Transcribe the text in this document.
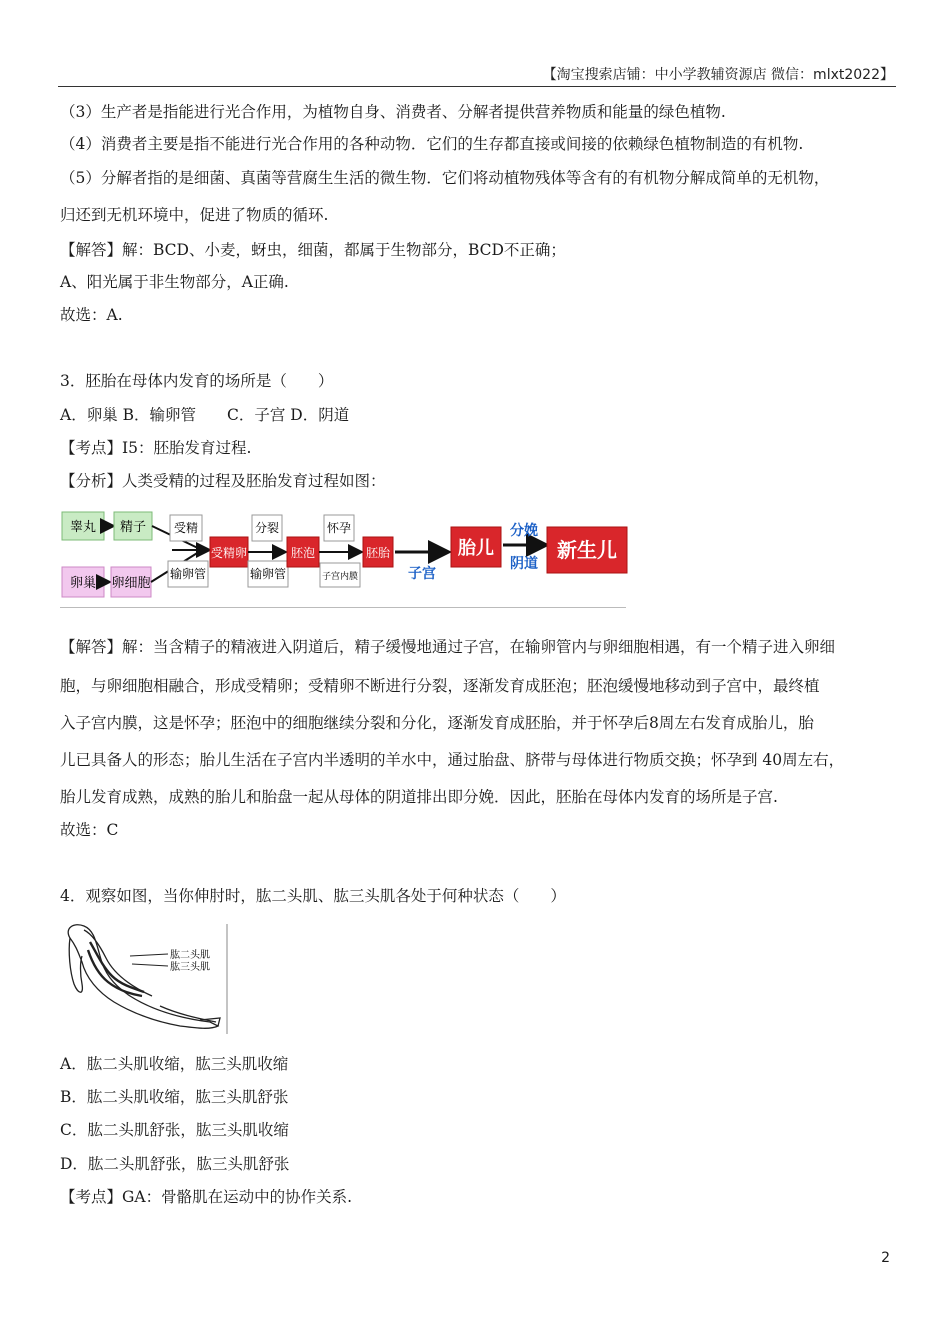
【淘宝搜索店铺：中小学教辅资源店 微信：mlxt2022】
（3）生产者是指能进行光合作用，为植物自身、消费者、分解者提供营养物质和能量的绿色植物.
（4）消费者主要是指不能进行光合作用的各种动物．它们的生存都直接或间接的依赖绿色植物制造的有机物.
（5）分解者指的是细菌、真菌等营腐生生活的微生物．它们将动植物残体等含有的有机物分解成简单的无机物，
归还到无机环境中，促进了物质的循环.
【解答】解：BCD、小麦，蚜虫，细菌，都属于生物部分，BCD不正确；
A、阳光属于非生物部分，A正确.
故选：A.
3．胚胎在母体内发育的场所是（　　）
A．卵巢 B．输卵管　　C．子宫 D．阴道
【考点】I5：胚胎发育过程.
【分析】人类受精的过程及胚胎发育过程如图：
睾丸 精子
卵巢 卵细胞
受精
输卵管
受精卵
分裂
输卵管
胚泡
怀孕
子宫内膜
胚胎
子宫
胎儿
分娩
阴道
新生儿
【解答】解：当含精子的精液进入阴道后，精子缓慢地通过子宫，在输卵管内与卵细胞相遇，有一个精子进入卵细
胞，与卵细胞相融合，形成受精卵；受精卵不断进行分裂，逐渐发育成胚泡；胚泡缓慢地移动到子宫中，最终植
入子宫内膜，这是怀孕；胚泡中的细胞继续分裂和分化，逐渐发育成胚胎，并于怀孕后8周左右发育成胎儿，胎
儿已具备人的形态；胎儿生活在子宫内半透明的羊水中，通过胎盘、脐带与母体进行物质交换；怀孕到 40周左右，
胎儿发育成熟，成熟的胎儿和胎盘一起从母体的阴道排出即分娩．因此，胚胎在母体内发育的场所是子宫.
故选：C
4．观察如图，当你伸肘时，肱二头肌、肱三头肌各处于何种状态（　　）
肱二头肌
肱三头肌
A．肱二头肌收缩，肱三头肌收缩
B．肱二头肌收缩，肱三头肌舒张
C．肱二头肌舒张，肱三头肌收缩
D．肱二头肌舒张，肱三头肌舒张
【考点】GA：骨骼肌在运动中的协作关系.
2
